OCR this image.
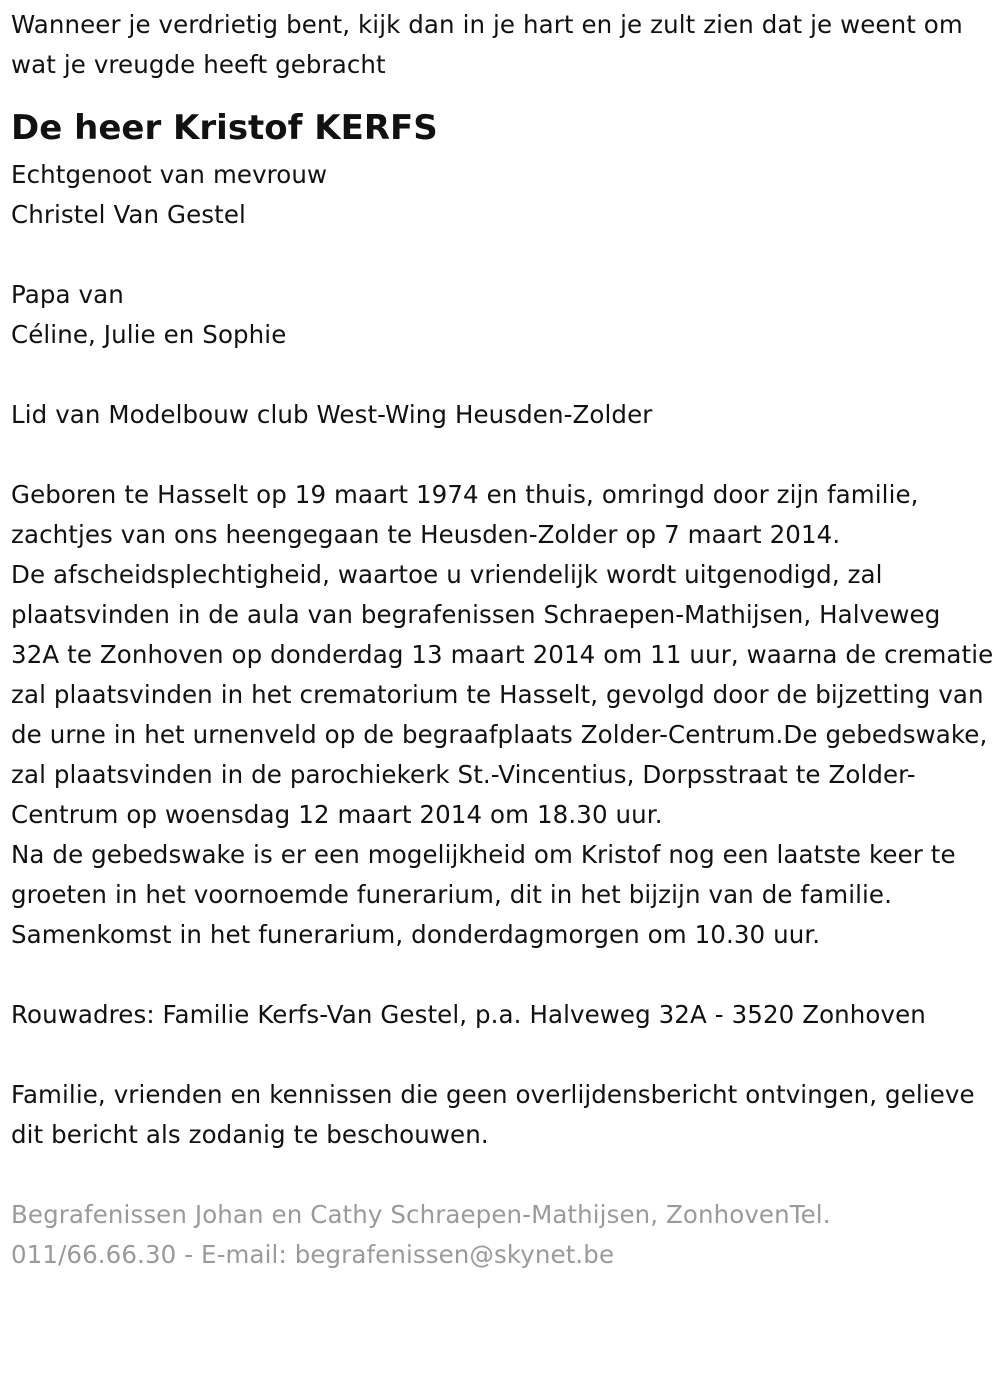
Wanneer je verdrietig bent, kijk dan in je hart en je zult zien dat je weent om wat je vreugde heeft gebracht

De heer Kristof KERFS

Echtgenoot van mevrouw
Christel Van Gestel

Papa van
Céline, Julie en Sophie

Lid van Modelbouw club West-Wing Heusden-Zolder

Geboren te Hasselt op 19 maart 1974 en thuis, omringd door zijn familie, zachtjes van ons heengegaan te Heusden-Zolder op 7 maart 2014.
De afscheidsplechtigheid, waartoe u vriendelijk wordt uitgenodigd, zal plaatsvinden in de aula van begrafenissen Schraepen-Mathijsen, Halveweg 32A te Zonhoven op donderdag 13 maart 2014 om 11 uur, waarna de crematie zal plaatsvinden in het crematorium te Hasselt, gevolgd door de bijzetting van de urne in het urnenveld op de begraafplaats Zolder-Centrum.De gebedswake, zal plaatsvinden in de parochiekerk St.-Vincentius, Dorpsstraat te Zolder-Centrum op woensdag 12 maart 2014 om 18.30 uur.
Na de gebedswake is er een mogelijkheid om Kristof nog een laatste keer te groeten in het voornoemde funerarium, dit in het bijzijn van de familie.
Samenkomst in het funerarium, donderdagmorgen om 10.30 uur.

Rouwadres: Familie Kerfs-Van Gestel, p.a. Halveweg 32A - 3520 Zonhoven

Familie, vrienden en kennissen die geen overlijdensbericht ontvingen, gelieve dit bericht als zodanig te beschouwen.

Begrafenissen Johan en Cathy Schraepen-Mathijsen, ZonhovenTel. 011/66.66.30 - E-mail: begrafenissen@skynet.be
